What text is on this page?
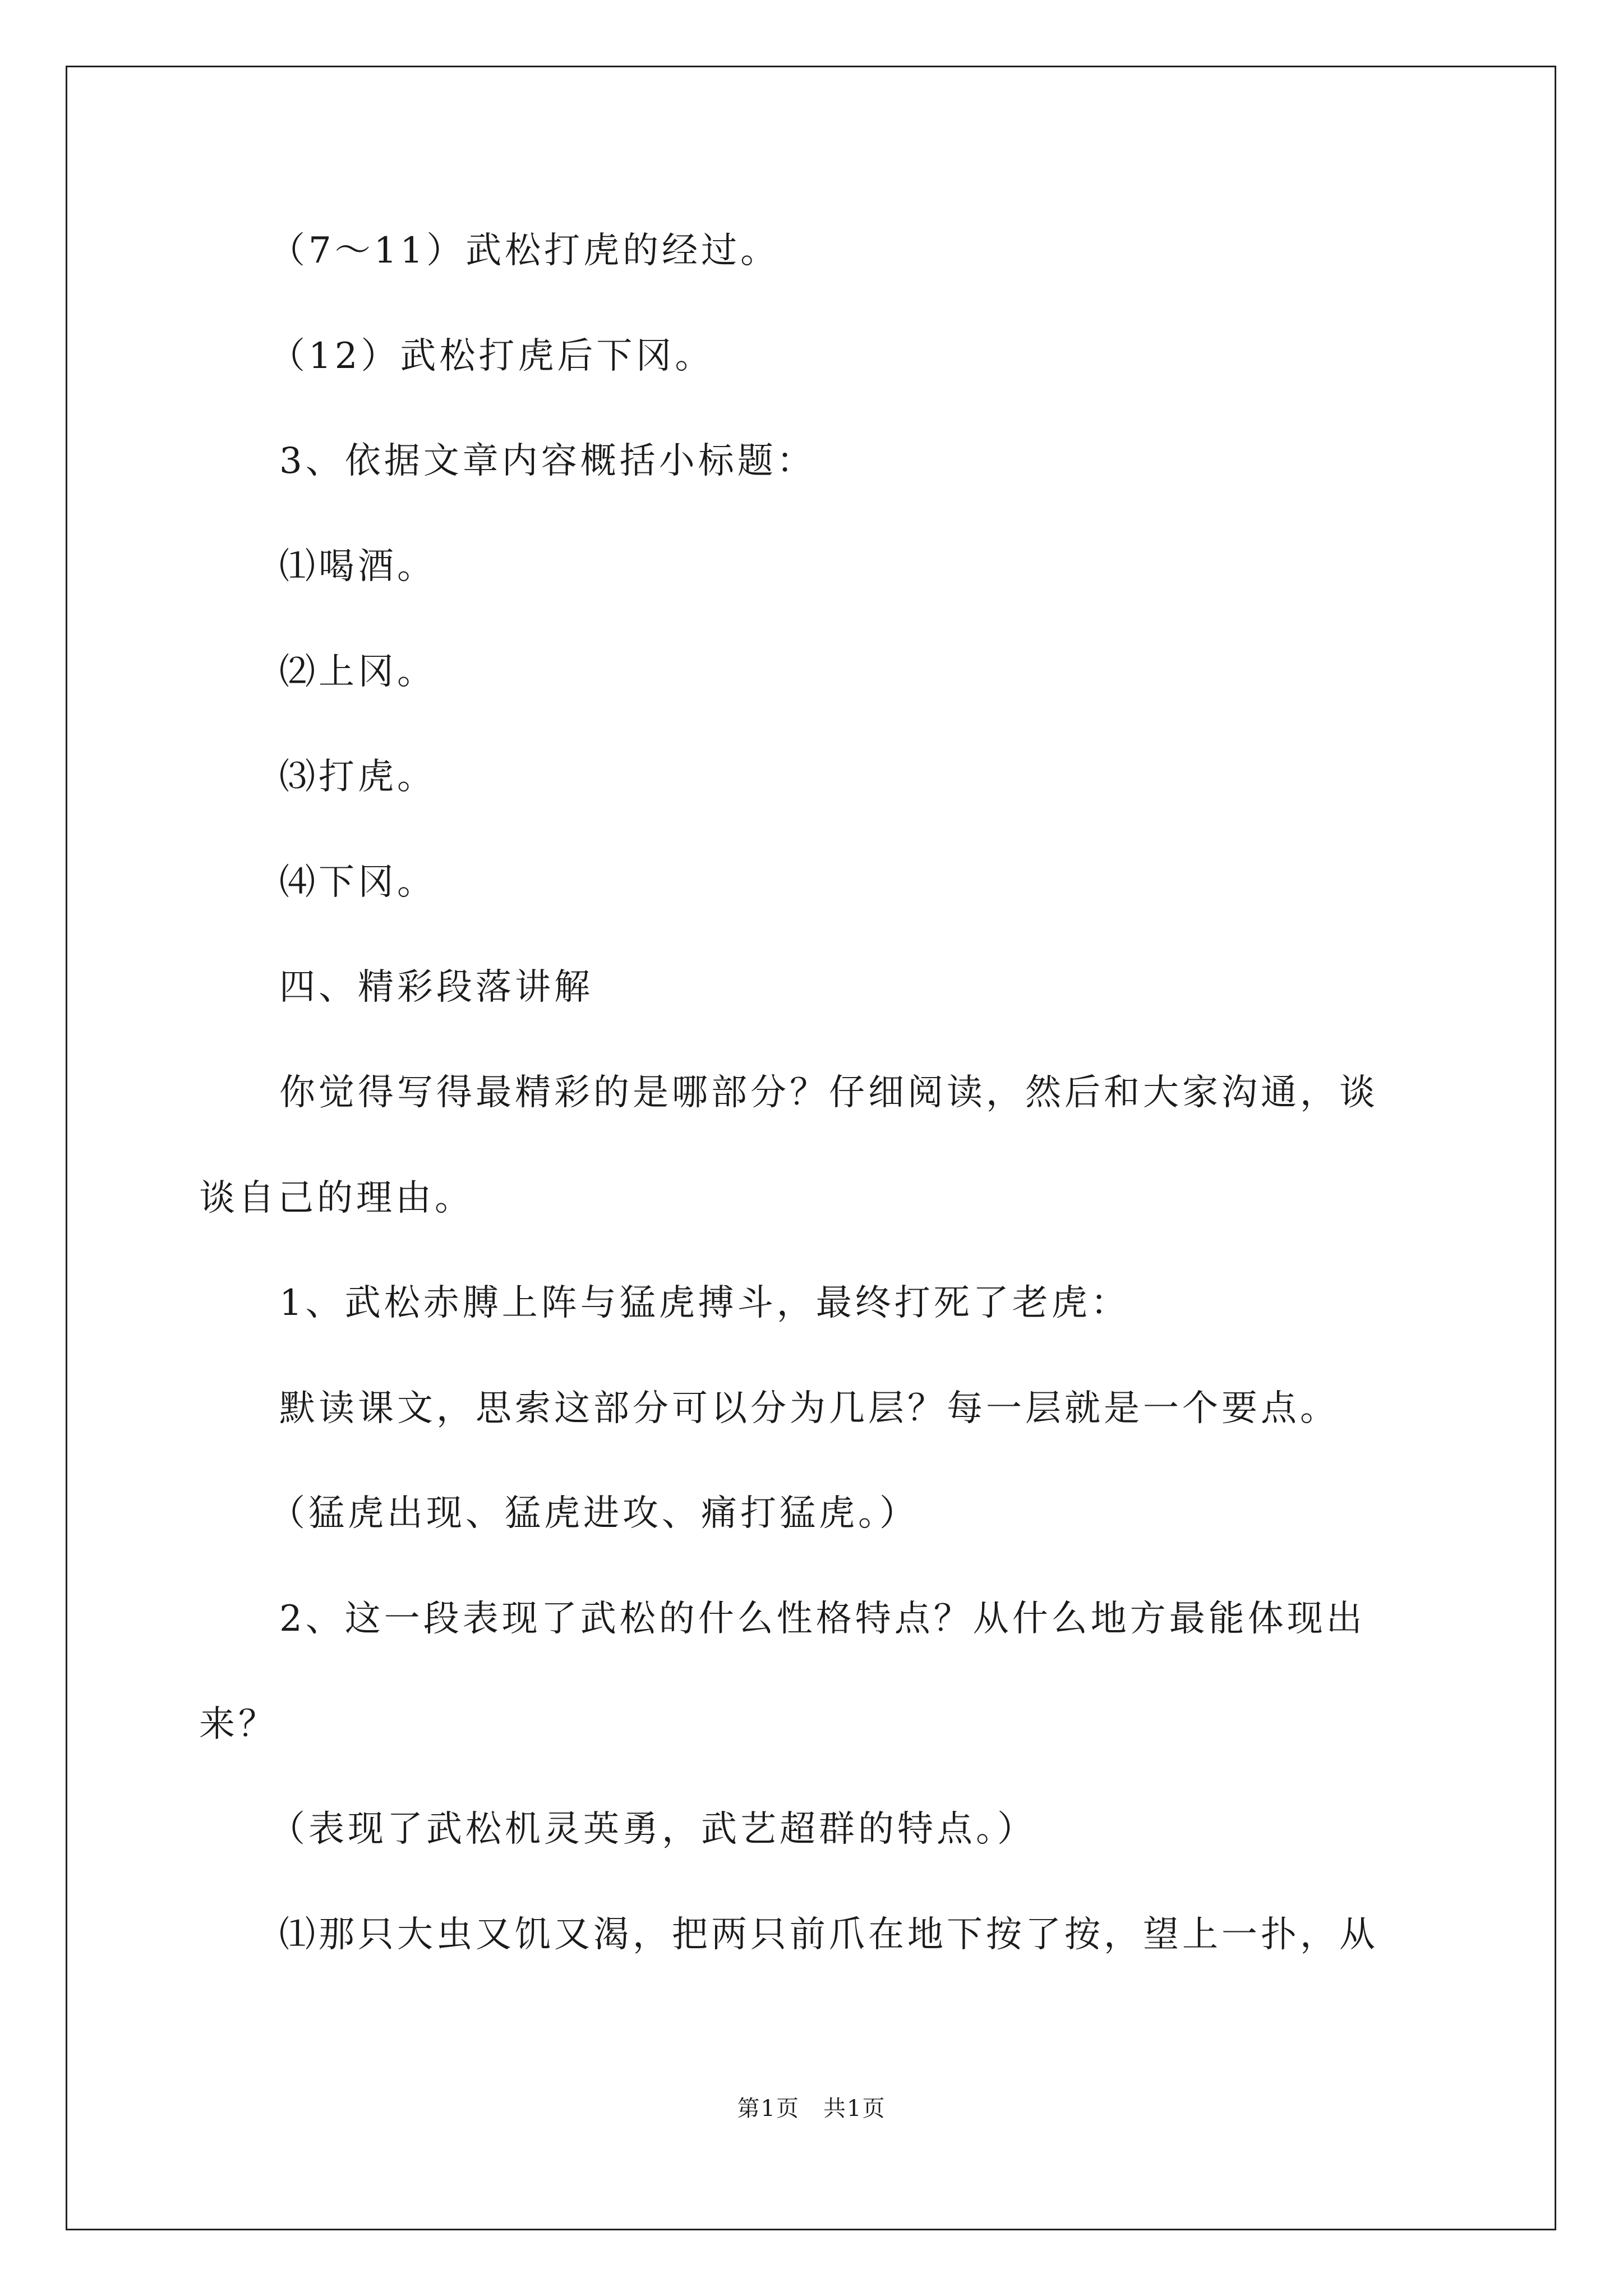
（7～11）武松打虎的经过。
（12）武松打虎后下冈。
3、依据文章内容概括小标题：
⑴喝酒。
⑵上冈。
⑶打虎。
⑷下冈。
四、精彩段落讲解
你觉得写得最精彩的是哪部分？仔细阅读，然后和大家沟通，谈
谈自己的理由。
1、武松赤膊上阵与猛虎搏斗，最终打死了老虎：
默读课文，思索这部分可以分为几层？每一层就是一个要点。
（猛虎出现、猛虎进攻、痛打猛虎。）
2、这一段表现了武松的什么性格特点？从什么地方最能体现出
来？
（表现了武松机灵英勇，武艺超群的特点。）
⑴那只大虫又饥又渴，把两只前爪在地下按了按，望上一扑，从
第1页　共1页
